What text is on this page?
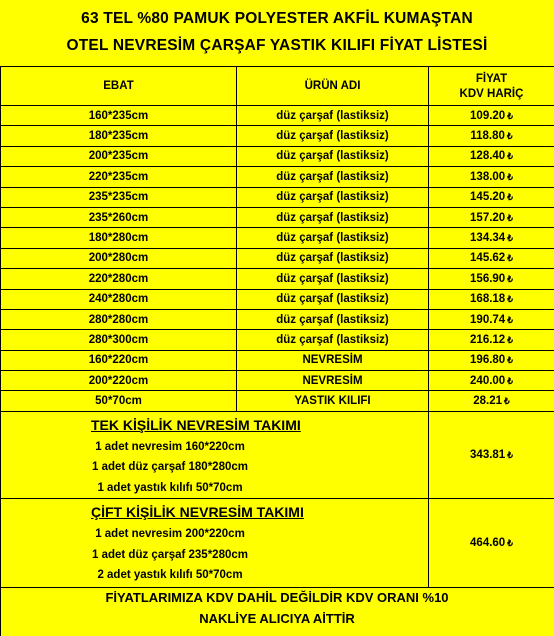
63 TEL %80 PAMUK POLYESTER AKFİL KUMAŞTAN
OTEL NEVRESİM ÇARŞAF YASTIK KILIFI FİYAT LİSTESİ
EBAT	ÜRÜN ADI	FİYAT
KDV HARİÇ

160*235cm	düz çarşaf (lastiksiz)	109.20 ₺
180*235cm	düz çarşaf (lastiksiz)	118.80 ₺
200*235cm	düz çarşaf (lastiksiz)	128.40 ₺
220*235cm	düz çarşaf (lastiksiz)	138.00 ₺
235*235cm	düz çarşaf (lastiksiz)	145.20 ₺
235*260cm	düz çarşaf (lastiksiz)	157.20 ₺
180*280cm	düz çarşaf (lastiksiz)	134.34 ₺
200*280cm	düz çarşaf (lastiksiz)	145.62 ₺
220*280cm	düz çarşaf (lastiksiz)	156.90 ₺
240*280cm	düz çarşaf (lastiksiz)	168.18 ₺
280*280cm	düz çarşaf (lastiksiz)	190.74 ₺
280*300cm	düz çarşaf (lastiksiz)	216.12 ₺
160*220cm	NEVRESİM	196.80 ₺
200*220cm	NEVRESİM	240.00 ₺
50*70cm	YASTIK KILIFI	28.21 ₺

TEK KİŞİLİK NEVRESİM TAKIMI
1 adet nevresim 160*220cm
1 adet düz çarşaf 180*280cm
1 adet yastık kılıfı 50*70cm		343.81 ₺

ÇİFT KİŞİLİK NEVRESİM TAKIMI
1 adet nevresim 200*220cm
1 adet düz çarşaf 235*280cm
2 adet yastık kılıfı 50*70cm		464.60 ₺

FİYATLARIMIZA KDV DAHİL DEĞİLDİR KDV ORANI %10
NAKLİYE ALICIYA AİTTİR
